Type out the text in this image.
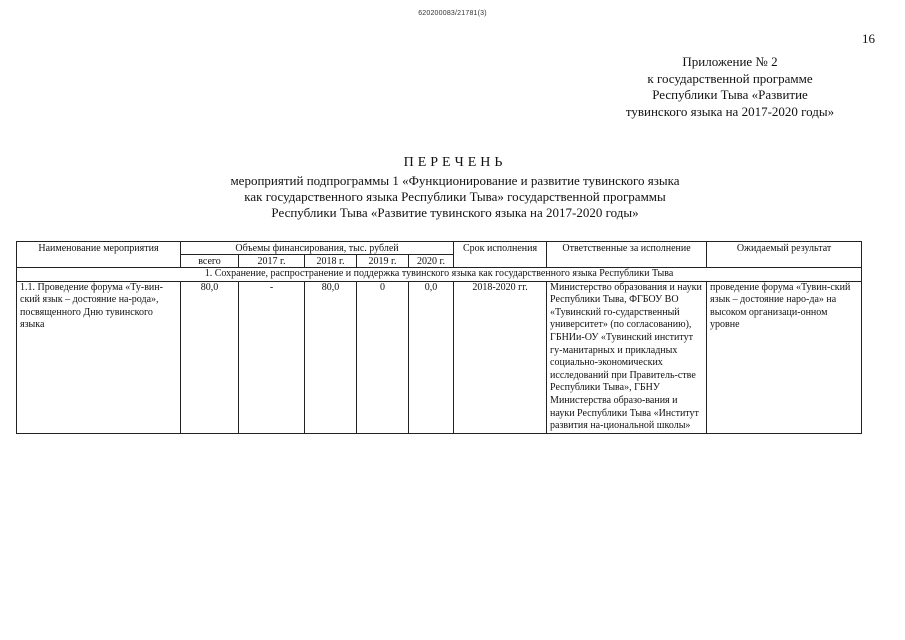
620200083/21781(3)
16
Приложение № 2
к государственной программе
Республики Тыва «Развитие
тувинского языка на 2017-2020 годы»
ПЕРЕЧЕНЬ
мероприятий подпрограммы 1 «Функционирование и развитие тувинского языка
как государственного языка Республики Тыва» государственной программы
Республики Тыва «Развитие тувинского языка на 2017-2020 годы»
Наименование мероприятия	Объемы финансирования, тыс. рублей					Срок исполнения	Ответственные за исполнение	Ожидаемый результат
	всего	2017 г.	2018 г.	2019 г.	2020 г.			
1. Сохранение, распространение и поддержка тувинского языка как государственного языка Республики Тыва								
1.1. Проведение форума «Ту-винский язык – достояние на-рода», посвященного Дню тувинского языка	80,0	-	80,0	0	0,0	2018-2020 гг.	Министерство образования и науки Республики Тыва, ФГБОУ ВО «Тувинский го-сударственный университет» (по согласованию), ГБНИи-ОУ «Тувинский институт гу-манитарных и прикладных социально-экономических исследований при Правитель-стве Республики Тыва», ГБНУ Министерства образо-вания и науки Республики Тыва «Институт развития на-циональной школы»	проведение форума «Тувин-ский язык – достояние наро-да» на высоком организаци-онном уровне
